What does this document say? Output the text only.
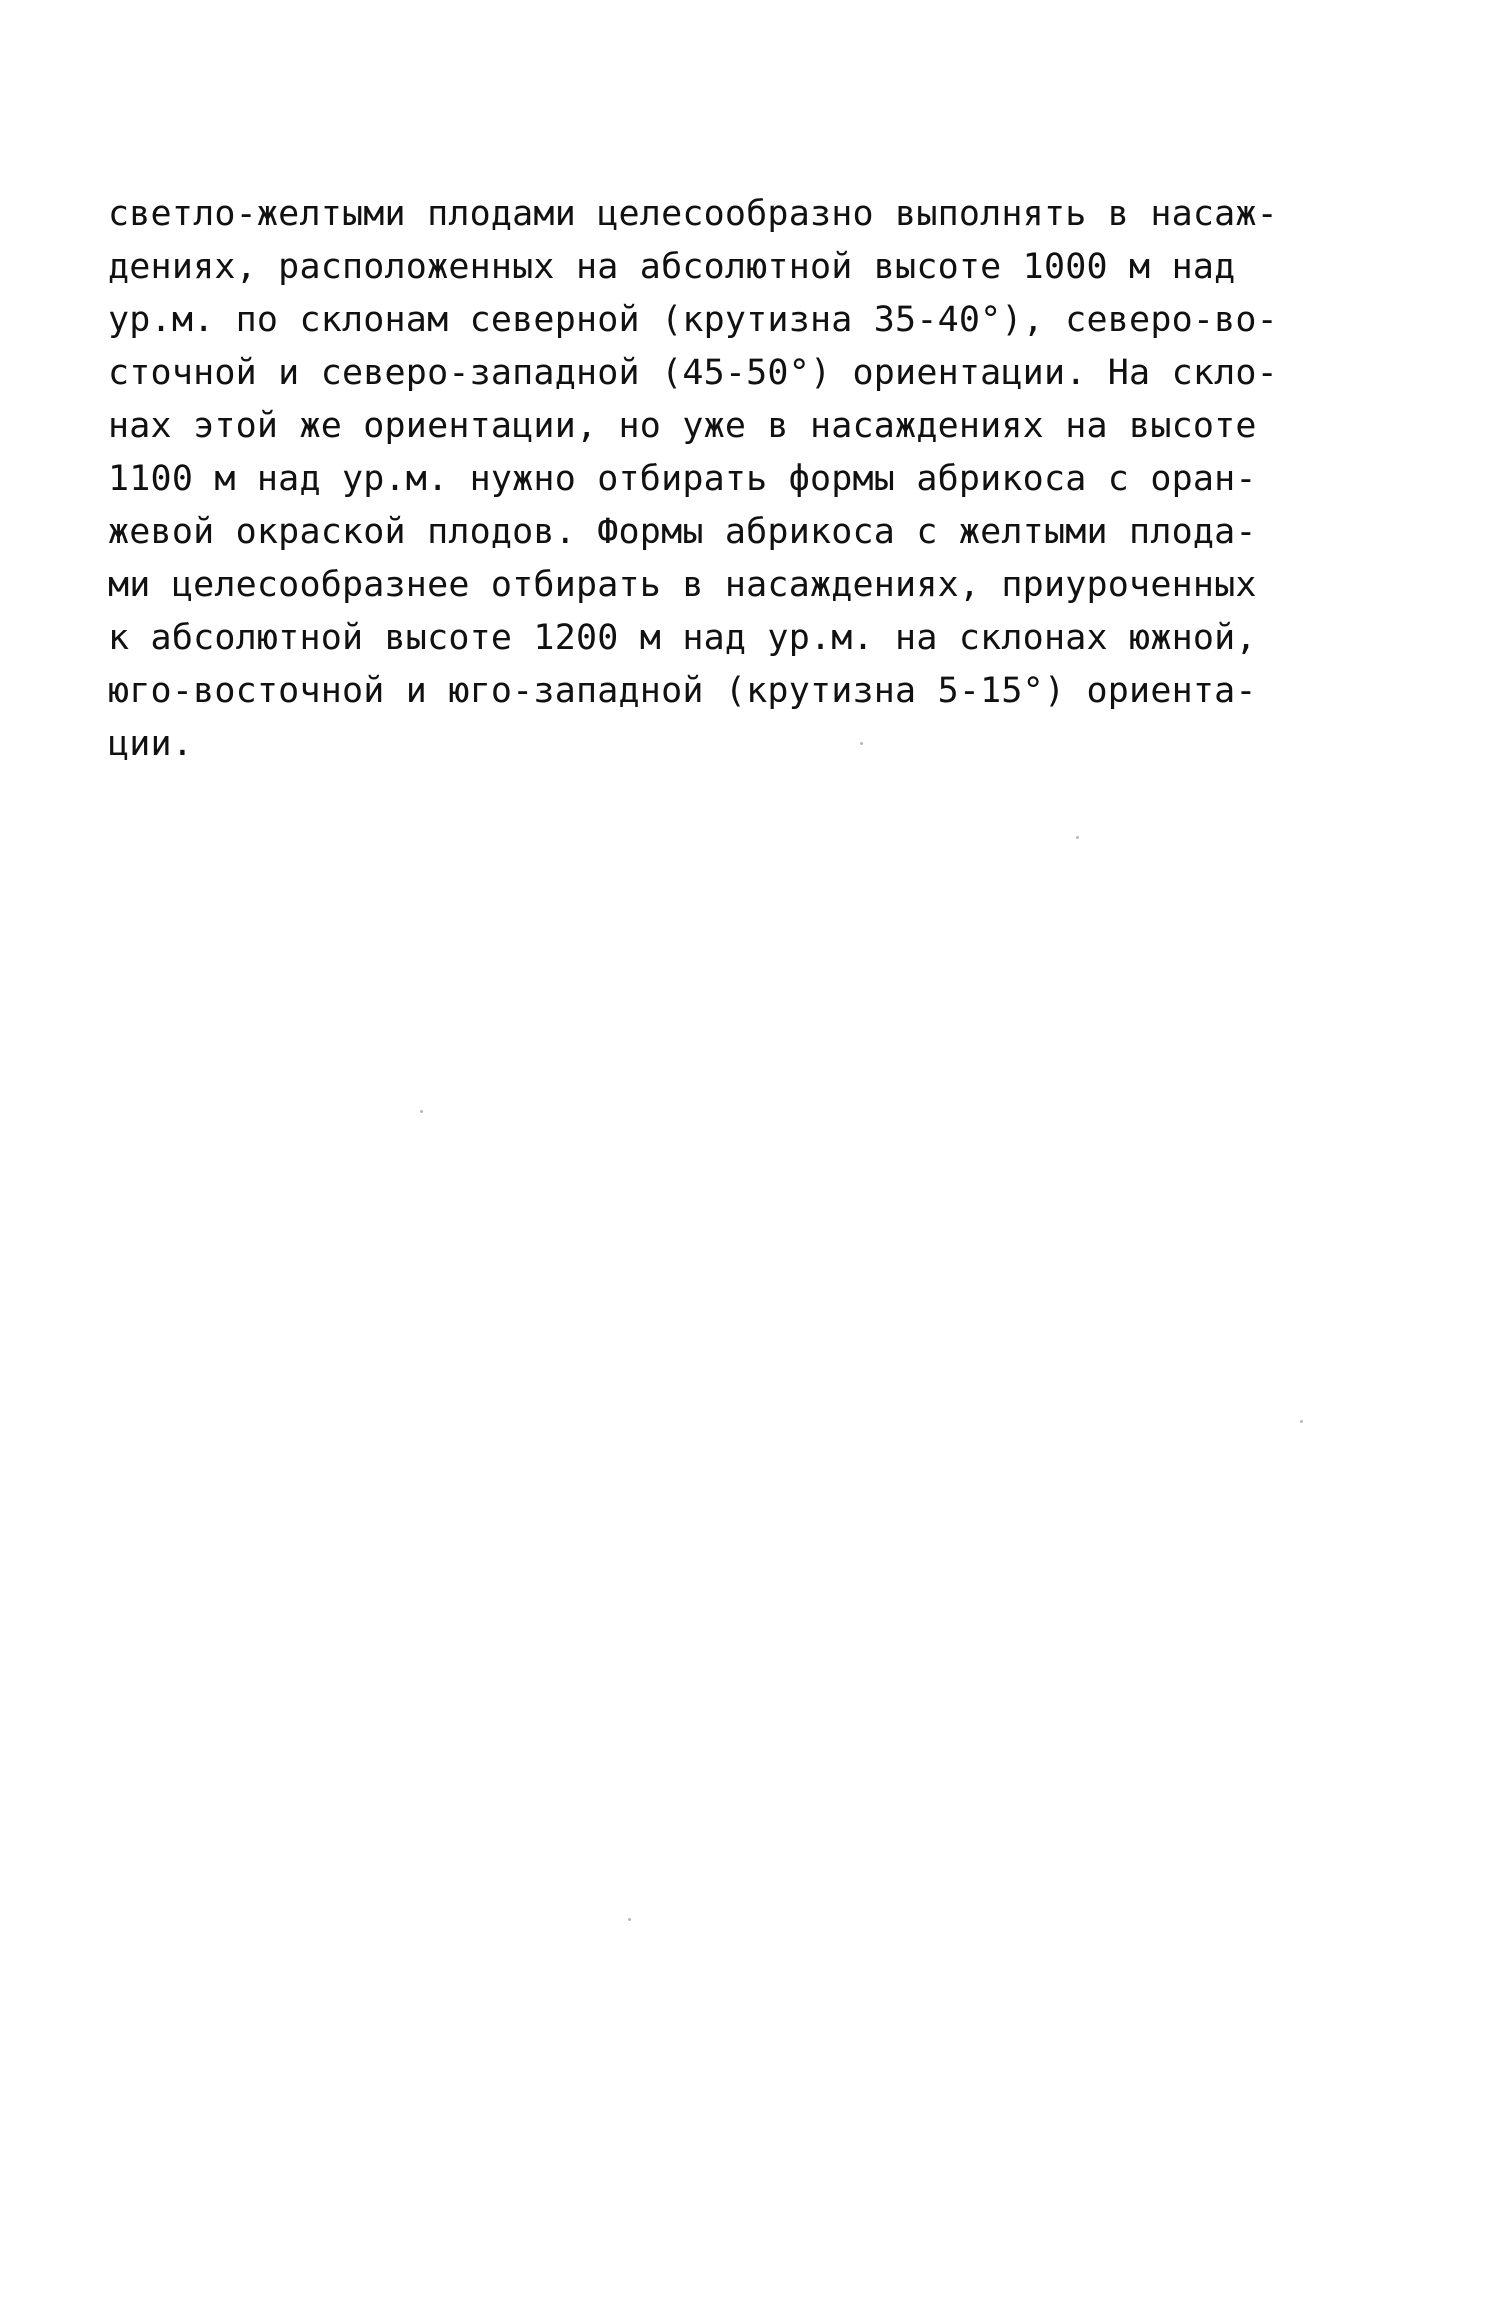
светло-желтыми плодами целесообразно выполнять в насаж-
дениях, расположенных на абсолютной высоте 1000 м над
ур.м. по склонам северной (крутизна 35-40°), северо-во-
сточной и северо-западной (45-50°) ориентации. На скло-
нах этой же ориентации, но уже в насаждениях на высоте
1100 м над ур.м. нужно отбирать формы абрикоса с оран-
жевой окраской плодов. Формы абрикоса с желтыми плода-
ми целесообразнее отбирать в насаждениях, приуроченных
к абсолютной высоте 1200 м над ур.м. на склонах южной,
юго-восточной и юго-западной (крутизна 5-15°) ориента-
ции.
